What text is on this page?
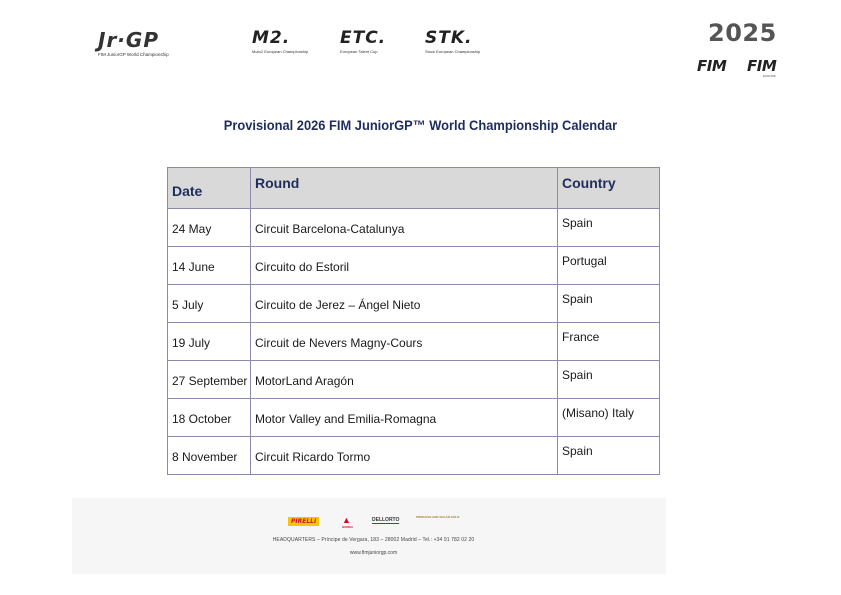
Jr·GP
FIM JuniorGP World Championship
M2.
Moto2 European Championship
ETC.
European Talent Cup
STK.
Stock European Championship
2025
FIM FIM
EUROPE
Provisional 2026 FIM JuniorGP™ World Championship Calendar
Date	Round	Country
24 May	Circuit Barcelona-Catalunya	Spain
14 June	Circuito do Estoril	Portugal
5 July	Circuito de Jerez – Ángel Nieto	Spain
19 July	Circuit de Nevers Magny-Cours	France
27 September	MotorLand Aragón	Spain
18 October	Motor Valley and Emilia-Romagna	(Misano) Italy
8 November	Circuit Ricardo Tormo	Spain
PIRELLI	▲
HONDA
DELLORTO	PRINCESS AND SOLAR GOLD
HEADQUARTERS – Príncipe de Vergara, 183 – 28002 Madrid – Tel.: +34 91 782 02 20
www.fimjuniorgp.com
